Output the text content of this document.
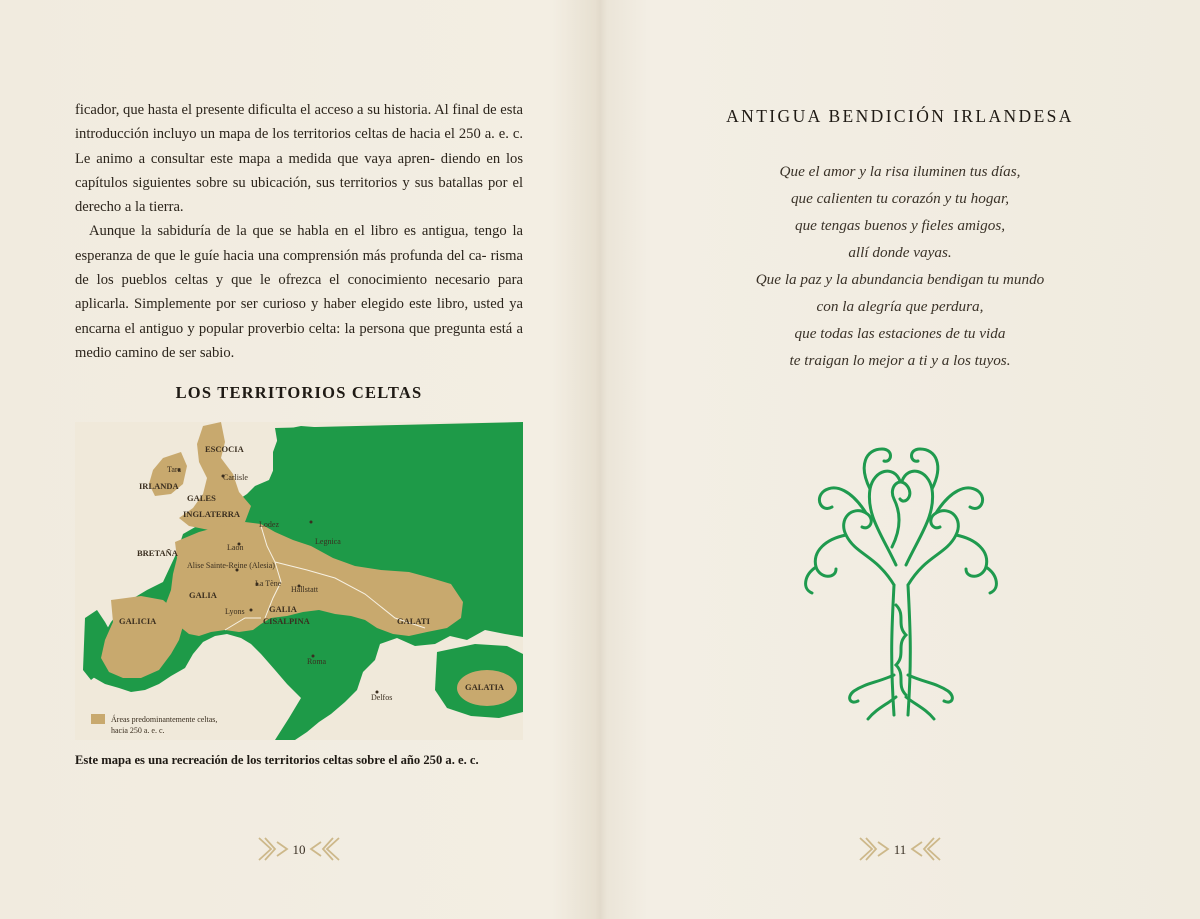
ficador, que hasta el presente dificulta el acceso a su historia. Al final de esta introducción incluyo un mapa de los territorios celtas de hacia el 250 a. e. c. Le animo a consultar este mapa a medida que vaya apren- diendo en los capítulos siguientes sobre su ubicación, sus territorios y sus batallas por el derecho a la tierra.

Aunque la sabiduría de la que se habla en el libro es antigua, tengo la esperanza de que le guíe hacia una comprensión más profunda del ca- risma de los pueblos celtas y que le ofrezca el conocimiento necesario para aplicarla. Simplemente por ser curioso y haber elegido este libro, usted ya encarna el antiguo y popular proverbio celta: la persona que pregunta está a medio camino de ser sabio.

LOS TERRITORIOS CELTAS
ESCOCIA
Tara
Carlisle
IRLANDA
GALES
INGLATERRA
Lodez
Legnica
BRETAÑA
Laon
Alise Sainte-Reine (Alesia)
La Tène
Hallstatt
GALIA
Lyons	GALIA
CISALPINA
GALICIA	GALATI
Roma
Delfos
GALATIA
Áreas predominantemente celtas,
hacia 250 a. e. c.
Este mapa es una recreación de los territorios celtas sobre el año 250 a. e. c.
10
ANTIGUA BENDICIÓN IRLANDESA
Que el amor y la risa iluminen tus días,
que calienten tu corazón y tu hogar,
que tengas buenos y fieles amigos,
allí donde vayas.
Que la paz y la abundancia bendigan tu mundo
con la alegría que perdura,
que todas las estaciones de tu vida
te traigan lo mejor a ti y a los tuyos.
11
